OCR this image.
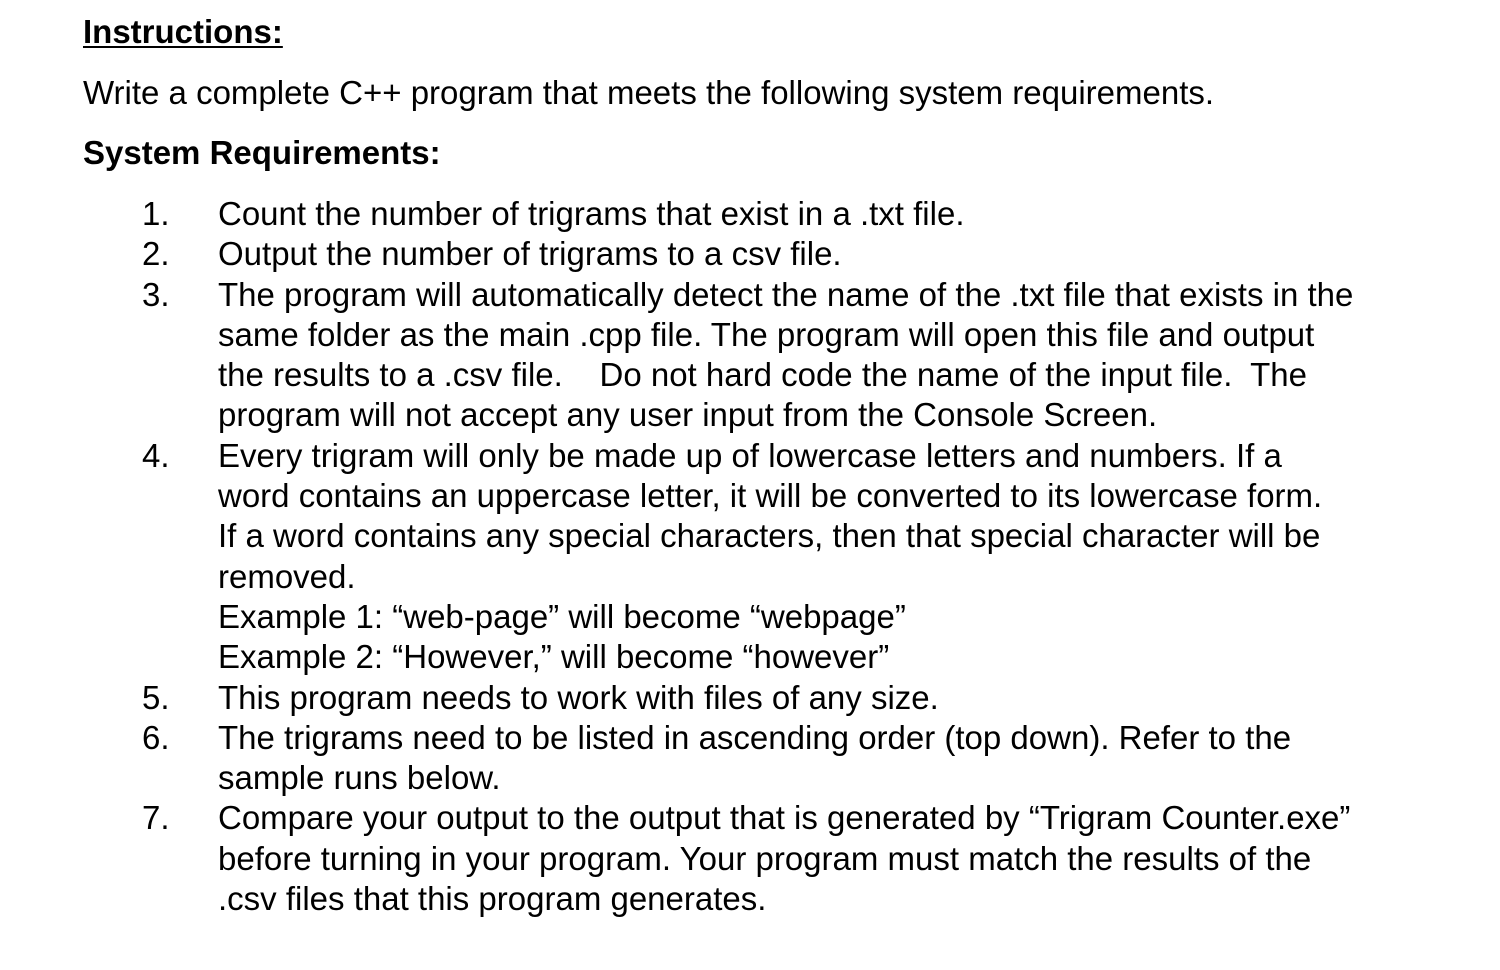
Instructions:
Write a complete C++ program that meets the following system requirements.
System Requirements:
1.	Count the number of trigrams that exist in a .txt file.

2.	Output the number of trigrams to a csv file.

3.	The program will automatically detect the name of the .txt file that exists in the

same folder as the main .cpp file. The program will open this file and output

the results to a .csv file.    Do not hard code the name of the input file.  The

program will not accept any user input from the Console Screen.

4.	Every trigram will only be made up of lowercase letters and numbers. If a

word contains an uppercase letter, it will be converted to its lowercase form.

If a word contains any special characters, then that special character will be

removed.

Example 1: “web-page” will become “webpage”

Example 2: “However,” will become “however”

5.	This program needs to work with files of any size.

6.	The trigrams need to be listed in ascending order (top down). Refer to the

sample runs below.

7.	Compare your output to the output that is generated by “Trigram Counter.exe”

before turning in your program. Your program must match the results of the

.csv files that this program generates.
